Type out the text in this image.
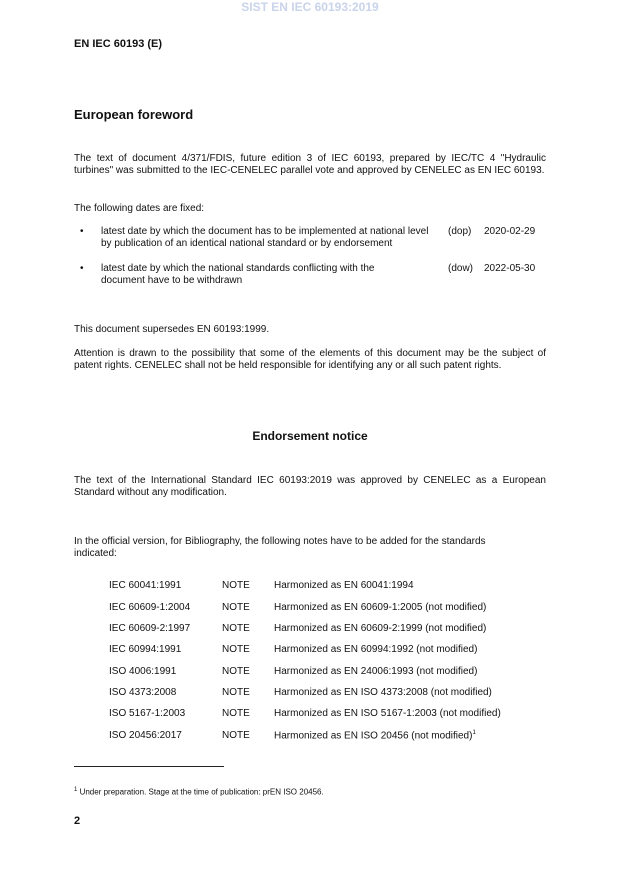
SIST EN IEC 60193:2019
EN IEC 60193 (E)
European foreword
The text of document 4/371/FDIS, future edition 3 of IEC 60193, prepared by IEC/TC 4 "Hydraulic turbines" was submitted to the IEC-CENELEC parallel vote and approved by CENELEC as EN IEC 60193.
The following dates are fixed:
• latest date by which the document has to be implemented at national level by publication of an identical national standard or by endorsement
(dop) 2020-02-29
• latest date by which the national standards conflicting with the document have to be withdrawn
(dow) 2022-05-30
This document supersedes EN 60193:1999.
Attention is drawn to the possibility that some of the elements of this document may be the subject of patent rights. CENELEC shall not be held responsible for identifying any or all such patent rights.
Endorsement notice
The text of the International Standard IEC 60193:2019 was approved by CENELEC as a European Standard without any modification.
In the official version, for Bibliography, the following notes have to be added for the standards indicated:
IEC 60041:1991	NOTE Harmonized as EN 60041:1994
IEC 60609-1:2004	NOTE Harmonized as EN 60609-1:2005 (not modified)
IEC 60609-2:1997	NOTE Harmonized as EN 60609-2:1999 (not modified)
IEC 60994:1991	NOTE Harmonized as EN 60994:1992 (not modified)
ISO 4006:1991	NOTE Harmonized as EN 24006:1993 (not modified)
ISO 4373:2008	NOTE Harmonized as EN ISO 4373:2008 (not modified)
ISO 5167-1:2003	NOTE Harmonized as EN ISO 5167-1:2003 (not modified)
ISO 20456:2017	NOTE Harmonized as EN ISO 20456 (not modified)$^1$
$^1$ Under preparation. Stage at the time of publication: prEN ISO 20456.
2
